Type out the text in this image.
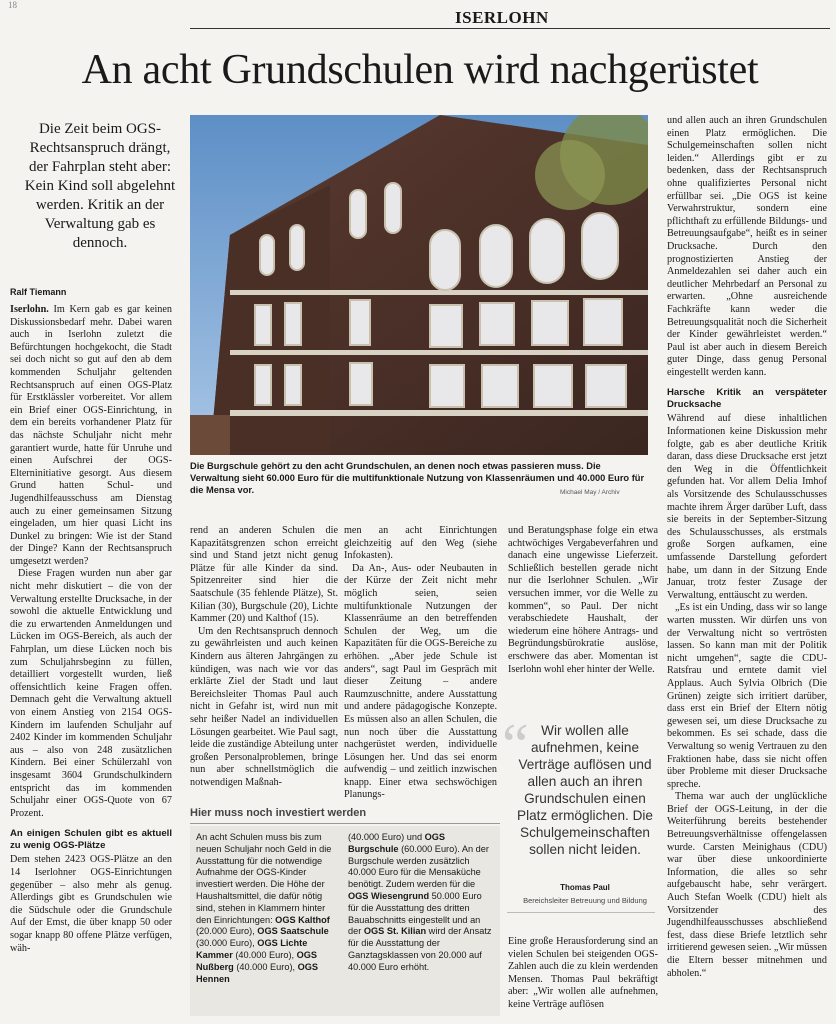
18
ISERLOHN
An acht Grundschulen wird nachgerüstet
Die Zeit beim OGS-Rechtsanspruch drängt, der Fahrplan steht aber: Kein Kind soll abgelehnt werden. Kritik an der Verwaltung gab es dennoch.
Ralf Tiemann

Iserlohn. Im Kern gab es gar keinen Diskussionsbedarf mehr. Dabei waren auch in Iserlohn zuletzt die Befürchtungen hochgekocht, die Stadt sei doch nicht so gut auf den ab dem kommenden Schuljahr geltenden Rechtsanspruch auf einen OGS-Platz für Erstklässler vorbereitet. Vor allem ein Brief einer OGS-Einrichtung, in dem ein bereits vorhandener Platz für das nächste Schuljahr nicht mehr garantiert wurde, hatte für Unruhe und einen Aufschrei der OGS-Elterninitiative gesorgt. Aus diesem Grund hatten Schul- und Jugendhilfeausschuss am Dienstag auch zu einer gemeinsamen Sitzung eingeladen, um hier quasi Licht ins Dunkel zu bringen: Wie ist der Stand der Dinge? Kann der Rechtsanspruch umgesetzt werden?

Diese Fragen wurden nun aber gar nicht mehr diskutiert – die von der Verwaltung erstellte Drucksache, in der sowohl die aktuelle Entwicklung und die zu erwartenden Anmeldungen und Lücken im OGS-Bereich, als auch der Fahrplan, um diese Lücken noch bis zum Schuljahrsbeginn zu füllen, detailliert vorgestellt wurden, ließ offensichtlich keine Fragen offen. Demnach geht die Verwaltung aktuell von einem Anstieg von 2154 OGS-Kindern im laufenden Schuljahr auf 2402 Kinder im kommenden Schuljahr aus – also von 248 zusätzlichen Kindern. Bei einer Schülerzahl von insgesamt 3604 Grundschulkindern entspricht das im kommenden Schuljahr einer OGS-Quote von 67 Prozent.

An einigen Schulen gibt es aktuell zu wenig OGS-Plätze

Dem stehen 2423 OGS-Plätze an den 14 Iserlohner OGS-Einrichtungen gegenüber – also mehr als genug. Allerdings gibt es Grundschulen wie die Südschule oder die Grundschule Auf der Emst, die über knapp 50 oder sogar knapp 80 offene Plätze verfügen, wäh-

Die Burgschule gehört zu den acht Grundschulen, an denen noch etwas passieren muss. Die Verwaltung sieht 60.000 Euro für die multifunktionale Nutzung von Klassenräumen und 40.000 Euro für die Mensa vor.	Michael May / Archiv

rend an anderen Schulen die Kapazitätsgrenzen schon erreicht sind und Stand jetzt nicht genug Plätze für alle Kinder da sind. Spitzenreiter sind hier die Saatschule (35 fehlende Plätze), St. Kilian (30), Burgschule (20), Lichte Kammer (20) und Kalthof (15).

Um den Rechtsanspruch dennoch zu gewährleisten und auch keinen Kindern aus älteren Jahrgängen zu kündigen, was nach wie vor das erklärte Ziel der Stadt und laut Bereichsleiter Thomas Paul auch nicht in Gefahr ist, wird nun mit sehr heißer Nadel an individuellen Lösungen gearbeitet. Wie Paul sagt, leide die zuständige Abteilung unter großen Personalproblemen, bringe nun aber schnellstmöglich die notwendigen Maßnah-

men an acht Einrichtungen gleichzeitig auf den Weg (siehe Infokasten).

Da An-, Aus- oder Neubauten in der Kürze der Zeit nicht mehr möglich seien, seien multifunktionale Nutzungen der Klassenräume an den betreffenden Schulen der Weg, um die Kapazitäten für die OGS-Bereiche zu erhöhen. „Aber jede Schule ist anders“, sagt Paul im Gespräch mit dieser Zeitung – andere Raumzuschnitte, andere Ausstattung und andere pädagogische Konzepte. Es müssen also an allen Schulen, die nun noch über die Ausstattung nachgerüstet werden, individuelle Lösungen her. Und das sei enorm aufwendig – und zeitlich inzwischen knapp. Einer etwa sechswöchigen Planungs-

und Beratungsphase folge ein etwa achtwöchiges Vergabeverfahren und danach eine ungewisse Lieferzeit. Schließlich bestellen gerade nicht nur die Iserlohner Schulen. „Wir versuchen immer, vor die Welle zu kommen“, so Paul. Der nicht verabschiedete Haushalt, der wiederum eine höhere Antrags- und Begründungsbürokratie auslöse, erschwere das aber. Momentan ist Iserlohn wohl eher hinter der Welle.

“ Wir wollen alle aufnehmen, keine Verträge auflösen und allen auch an ihren Grundschulen einen Platz ermöglichen. Die Schulgemeinschaften sollen nicht leiden.
Thomas Paul
Bereichsleiter Betreuung und Bildung

Eine große Herausforderung sind an vielen Schulen bei steigenden OGS-Zahlen auch die zu klein werdenden Mensen. Thomas Paul bekräftigt aber: „Wir wollen alle aufnehmen, keine Verträge auflösen

und allen auch an ihren Grundschulen einen Platz ermöglichen. Die Schulgemeinschaften sollen nicht leiden.“ Allerdings gibt er zu bedenken, dass der Rechtsanspruch ohne qualifiziertes Personal nicht erfüllbar sei. „Die OGS ist keine Verwahrstruktur, sondern eine pflichthaft zu erfüllende Bildungs- und Betreuungsaufgabe“, heißt es in seiner Drucksache. Durch den prognostizierten Anstieg der Anmeldezahlen sei daher auch ein deutlicher Mehrbedarf an Personal zu erwarten. „Ohne ausreichende Fachkräfte kann weder die Betreuungsqualität noch die Sicherheit der Kinder gewährleistet werden.“ Paul ist aber auch in diesem Bereich guter Dinge, dass genug Personal eingestellt werden kann.

Harsche Kritik an verspäteter Drucksache

Während auf diese inhaltlichen Informationen keine Diskussion mehr folgte, gab es aber deutliche Kritik daran, dass diese Drucksache erst jetzt den Weg in die Öffentlichkeit gefunden hat. Vor allem Delia Imhof als Vorsitzende des Schulausschusses machte ihrem Ärger darüber Luft, dass sie bereits in der September-Sitzung des Schulausschusses, als erstmals große Sorgen aufkamen, eine umfassende Darstellung gefordert habe, um dann in der Sitzung Ende Januar, trotz fester Zusage der Verwaltung, enttäuscht zu werden.

„Es ist ein Unding, dass wir so lange warten mussten. Wir dürfen uns von der Verwaltung nicht so vertrösten lassen. So kann man mit der Politik nicht umgehen“, sagte die CDU-Ratsfrau und erntete damit viel Applaus. Auch Sylvia Olbrich (Die Grünen) zeigte sich irritiert darüber, dass erst ein Brief der Eltern nötig gewesen sei, um diese Drucksache zu bekommen. Es sei schade, dass die Verwaltung so wenig Vertrauen zu den Fraktionen habe, dass sie nicht offen über Probleme mit dieser Drucksache spreche.

Thema war auch der unglückliche Brief der OGS-Leitung, in der die Weiterführung bereits bestehender Betreuungsverhältnisse offengelassen wurde. Carsten Meinighaus (CDU) war über diese unkoordinierte Information, die alles so sehr aufgebauscht habe, sehr verärgert. Auch Stefan Woelk (CDU) hielt als Vorsitzender des Jugendhilfeausschusses abschließend fest, dass diese Briefe letztlich sehr irritierend gewesen seien. „Wir müssen die Eltern besser mitnehmen und abholen.“

Hier muss noch investiert werden
An acht Schulen muss bis zum neuen Schuljahr noch Geld in die Ausstattung für die notwendige Aufnahme der OGS-Kinder investiert werden. Die Höhe der Haushaltsmittel, die dafür nötig sind, stehen in Klammern hinter den Einrichtungen: OGS Kalthof (20.000 Euro), OGS Saatschule (30.000 Euro), OGS Lichte Kammer (40.000 Euro), OGS Nußberg (40.000 Euro), OGS Hennen
(40.000 Euro) und OGS Burgschule (60.000 Euro). An der Burgschule werden zusätzlich 40.000 Euro für die Mensaküche benötigt. Zudem werden für die OGS Wiesengrund 50.000 Euro für die Ausstattung des dritten Bauabschnitts eingestellt und an der OGS St. Kilian wird der Ansatz für die Ausstattung der Ganztagsklassen von 20.000 auf 40.000 Euro erhöht.
